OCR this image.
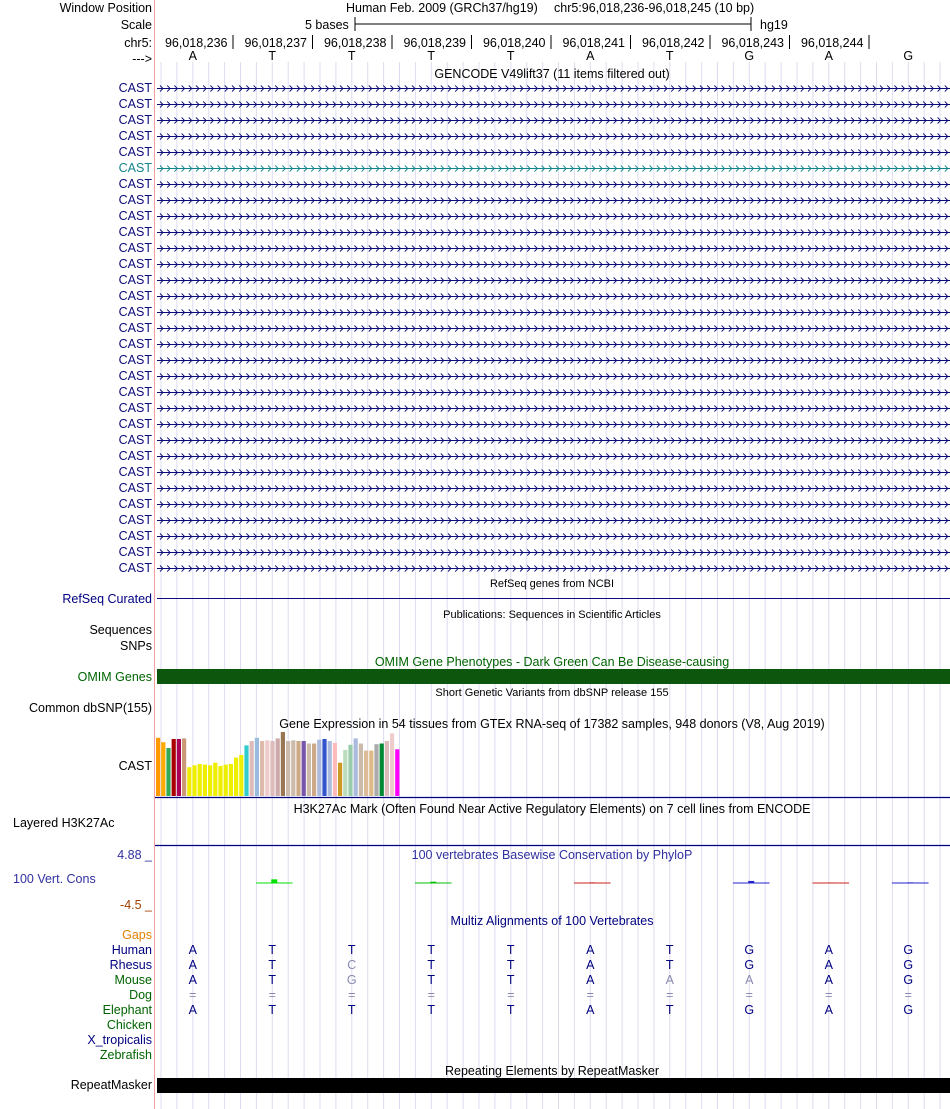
Window Position	Human Feb. 2009 (GRCh37/hg19) chr5:96,018,236-96,018,245 (10 bp)
Scale	5 bases	hg19
chr5: 96,018,236 96,018,237 96,018,238 96,018,239 96,018,240 96,018,241 96,018,242 96,018,243 96,018,244
--->	A	T	T	T	T	A	T	G	A	G
GENCODE V49lift37 (11 items filtered out)
CAST
CAST
CAST
CAST
CAST
CAST
CAST
CAST
CAST
CAST
CAST
CAST
CAST
CAST
CAST
CAST
CAST
CAST
CAST
CAST
CAST
CAST
CAST
CAST
CAST
CAST
CAST
CAST
CAST
CAST
CAST
RefSeq genes from NCBI
RefSeq Curated
Publications: Sequences in Scientific Articles
Sequences
SNPs
OMIM Gene Phenotypes - Dark Green Can Be Disease-causing
OMIM Genes
Short Genetic Variants from dbSNP release 155
Common dbSNP(155)
Gene Expression in 54 tissues from GTEx RNA-seq of 17382 samples, 948 donors (V8, Aug 2019)
CAST
H3K27Ac Mark (Often Found Near Active Regulatory Elements) on 7 cell lines from ENCODE
Layered H3K27Ac
100 vertebrates Basewise Conservation by PhyloP
4.88 _
100 Vert. Cons
-4.5 _
Multiz Alignments of 100 Vertebrates
Gaps
Human	A	T	T	T	T	A	T	G	A	G
Rhesus	A	T	C	T	T	A	T	G	A	G
Mouse	A	T	G	T	T	A	A	A	A	G
Dog	=	=	=	=	=	=	=	=	=	=
Elephant	A	T	T	T	T	A	T	G	A	G
Chicken
X_tropicalis
Zebrafish
Repeating Elements by RepeatMasker
RepeatMasker
